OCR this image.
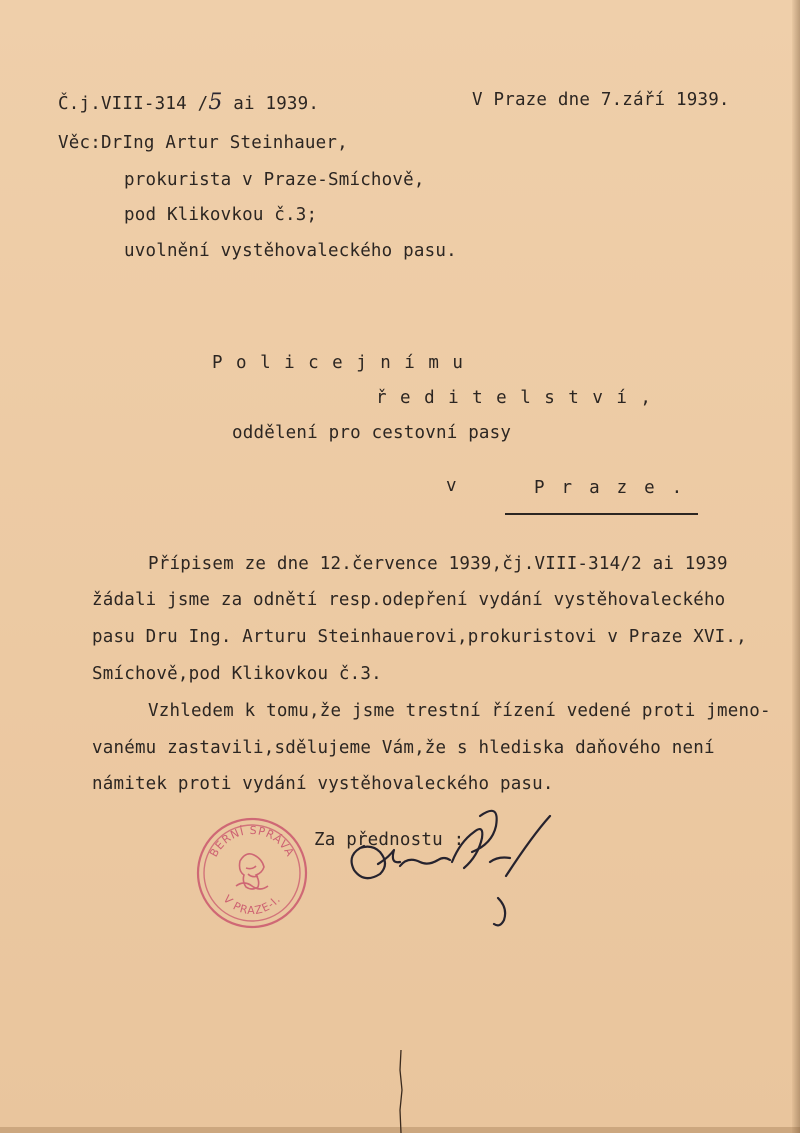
Č.j.VIII-314 /5 ai 1939.	V Praze dne 7.září 1939.
Věc:DrIng Artur Steinhauer,
prokurista v Praze-Smíchově,
pod Klikovkou č.3;
uvolnění vystěhovaleckého pasu.
Policejnímu
ředitelství,
oddělení pro cestovní pasy
v	Praze.
Přípisem ze dne 12.července 1939,čj.VIII-314/2 ai 1939
žádali jsme za odnětí resp.odepření vydání vystěhovaleckého
pasu Dru Ing. Arturu Steinhauerovi,prokuristovi v Praze XVI.,
Smíchově,pod Klikovkou č.3.
Vzhledem k tomu,že jsme trestní řízení vedené proti jmeno-
vanému zastavili,sdělujeme Vám,že s hlediska daňového není
námitek proti vydání vystěhovaleckého pasu.
Za přednostu :
BERNÍ SPRÁVA
V PRAZE-I.
